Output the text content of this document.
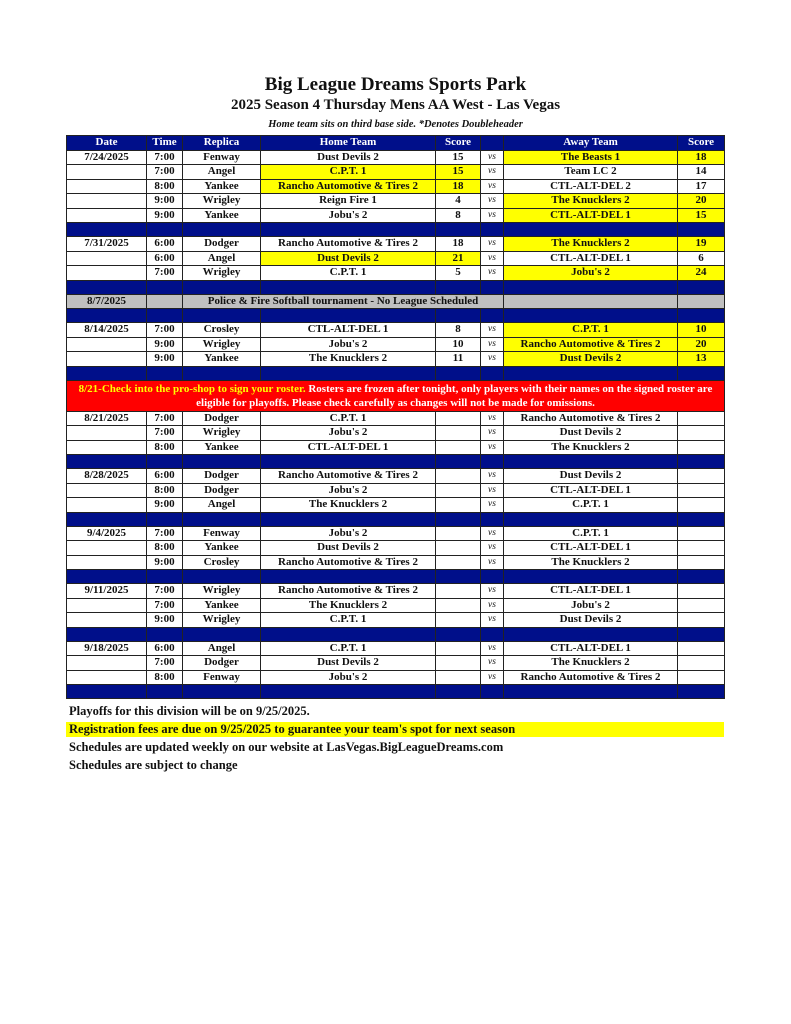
Big League Dreams Sports Park
2025 Season 4 Thursday Mens AA West - Las Vegas
Home team sits on third base side. *Denotes Doubleheader
Date	Time	Replica	Home Team	Score		Away Team	Score
7/24/2025	7:00	Fenway	Dust Devils 2	15	vs	The Beasts 1	18
	7:00	Angel	C.P.T. 1	15	vs	Team LC 2	14
	8:00	Yankee	Rancho Automotive & Tires 2	18	vs	CTL-ALT-DEL 2	17
	9:00	Wrigley	Reign Fire 1	4	vs	The Knucklers 2	20
	9:00	Yankee	Jobu's 2	8	vs	CTL-ALT-DEL 1	15

7/31/2025	6:00	Dodger	Rancho Automotive & Tires 2	18	vs	The Knucklers 2	19
	6:00	Angel	Dust Devils 2	21	vs	CTL-ALT-DEL 1	6
	7:00	Wrigley	C.P.T. 1	5	vs	Jobu's 2	24

8/7/2025		Police & Fire Softball tournament - No League Scheduled					

8/14/2025	7:00	Crosley	CTL-ALT-DEL 1	8	vs	C.P.T. 1	10
	9:00	Wrigley	Jobu's 2	10	vs	Rancho Automotive & Tires 2	20
	9:00	Yankee	The Knucklers 2	11	vs	Dust Devils 2	13

8/21-Check into the pro-shop to sign your roster. Rosters are frozen after tonight, only players with their names on the signed roster are eligible for playoffs. Please check carefully as changes will not be made for omissions.							
8/21/2025	7:00	Dodger	C.P.T. 1		vs	Rancho Automotive & Tires 2	
	7:00	Wrigley	Jobu's 2		vs	Dust Devils 2	
	8:00	Yankee	CTL-ALT-DEL 1		vs	The Knucklers 2	

8/28/2025	6:00	Dodger	Rancho Automotive & Tires 2		vs	Dust Devils 2	
	8:00	Dodger	Jobu's 2		vs	CTL-ALT-DEL 1	
	9:00	Angel	The Knucklers 2		vs	C.P.T. 1	

9/4/2025	7:00	Fenway	Jobu's 2		vs	C.P.T. 1	
	8:00	Yankee	Dust Devils 2		vs	CTL-ALT-DEL 1	
	9:00	Crosley	Rancho Automotive & Tires 2		vs	The Knucklers 2	

9/11/2025	7:00	Wrigley	Rancho Automotive & Tires 2		vs	CTL-ALT-DEL 1	
	7:00	Yankee	The Knucklers 2		vs	Jobu's 2	
	9:00	Wrigley	C.P.T. 1		vs	Dust Devils 2	

9/18/2025	6:00	Angel	C.P.T. 1		vs	CTL-ALT-DEL 1	
	7:00	Dodger	Dust Devils 2		vs	The Knucklers 2	
	8:00	Fenway	Jobu's 2		vs	Rancho Automotive & Tires 2	

Playoffs for this division will be on 9/25/2025.
Registration fees are due on 9/25/2025 to guarantee your team's spot for next season
Schedules are updated weekly on our website at LasVegas.BigLeagueDreams.com
Schedules are subject to change
